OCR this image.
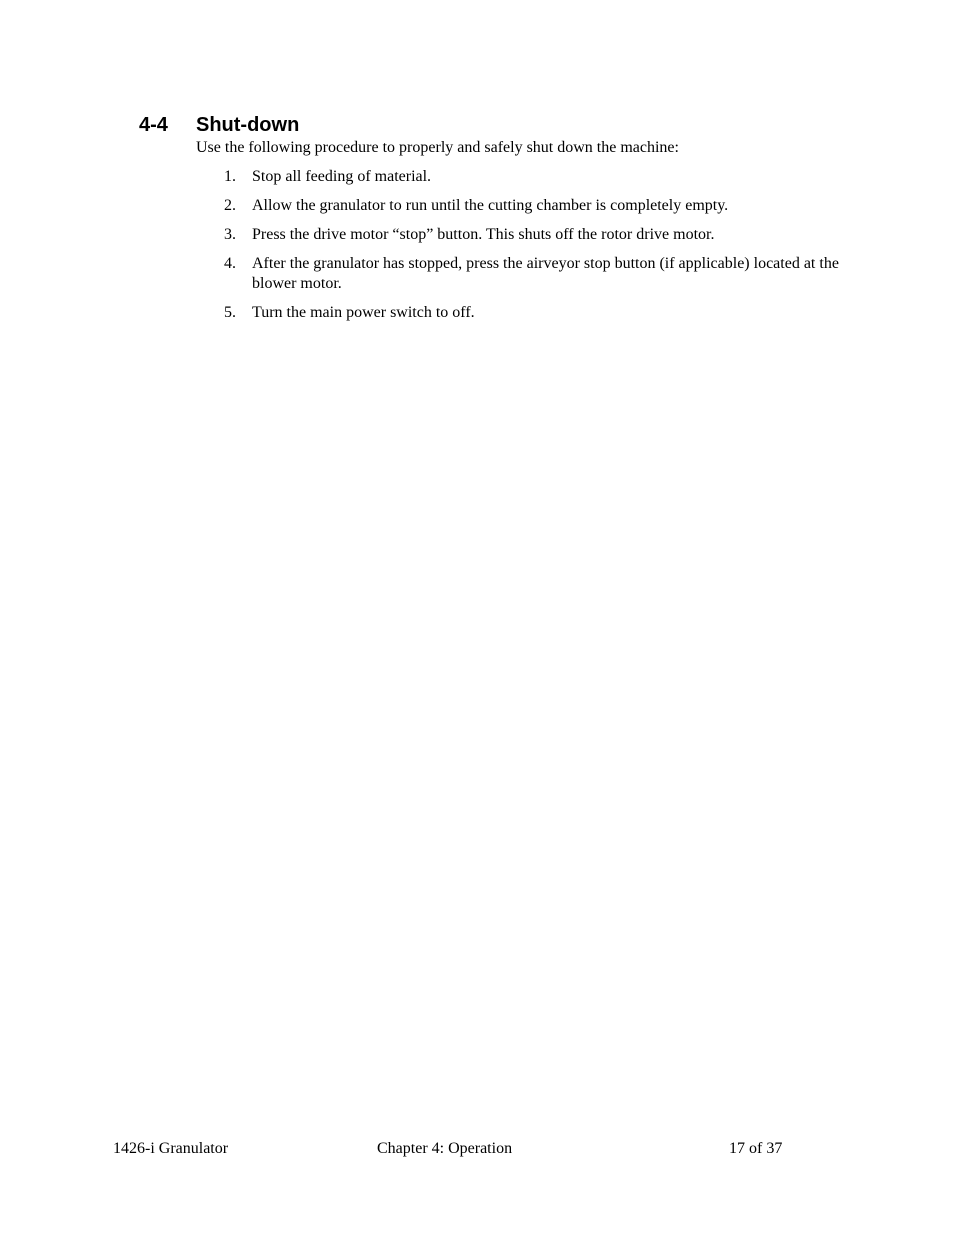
4-4 Shut-down
Use the following procedure to properly and safely shut down the machine:
1. Stop all feeding of material.
2. Allow the granulator to run until the cutting chamber is completely empty.
3. Press the drive motor “stop” button. This shuts off the rotor drive motor.
4. After the granulator has stopped, press the airveyor stop button (if applicable) located at the blower motor.
5. Turn the main power switch to off.
1426-i Granulator	Chapter 4: Operation	17 of 37
